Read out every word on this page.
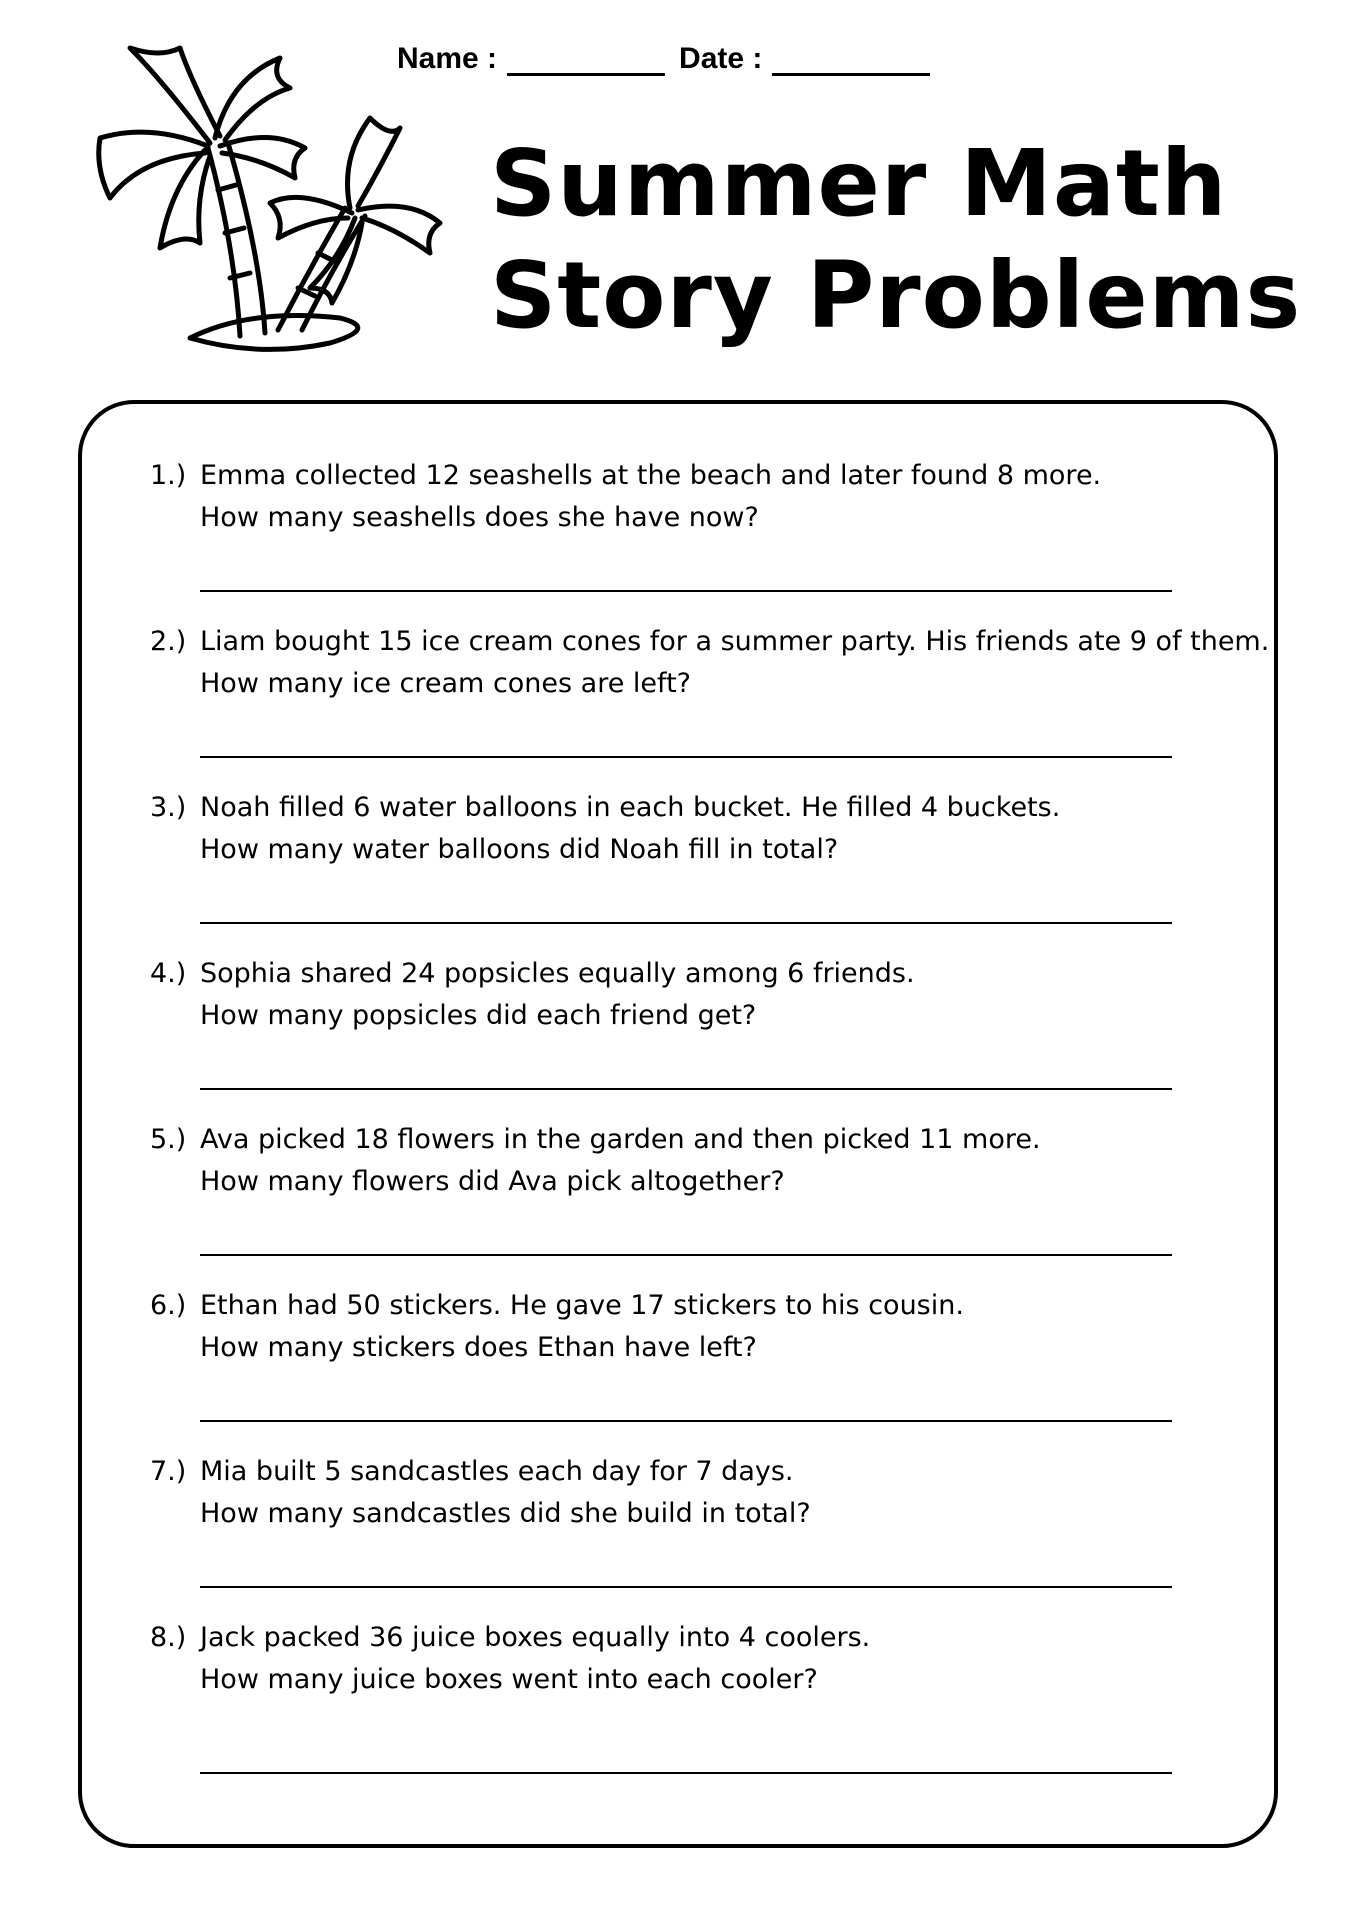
Name :	Date :
Summer Math
Story Problems
1.) Emma collected 12 seashells at the beach and later found 8 more.
How many seashells does she have now?
2.) Liam bought 15 ice cream cones for a summer party. His friends ate 9 of them.
How many ice cream cones are left?
3.) Noah filled 6 water balloons in each bucket. He filled 4 buckets.
How many water balloons did Noah fill in total?
4.) Sophia shared 24 popsicles equally among 6 friends.
How many popsicles did each friend get?
5.) Ava picked 18 flowers in the garden and then picked 11 more.
How many flowers did Ava pick altogether?
6.) Ethan had 50 stickers. He gave 17 stickers to his cousin.
How many stickers does Ethan have left?
7.) Mia built 5 sandcastles each day for 7 days.
How many sandcastles did she build in total?
8.) Jack packed 36 juice boxes equally into 4 coolers.
How many juice boxes went into each cooler?
